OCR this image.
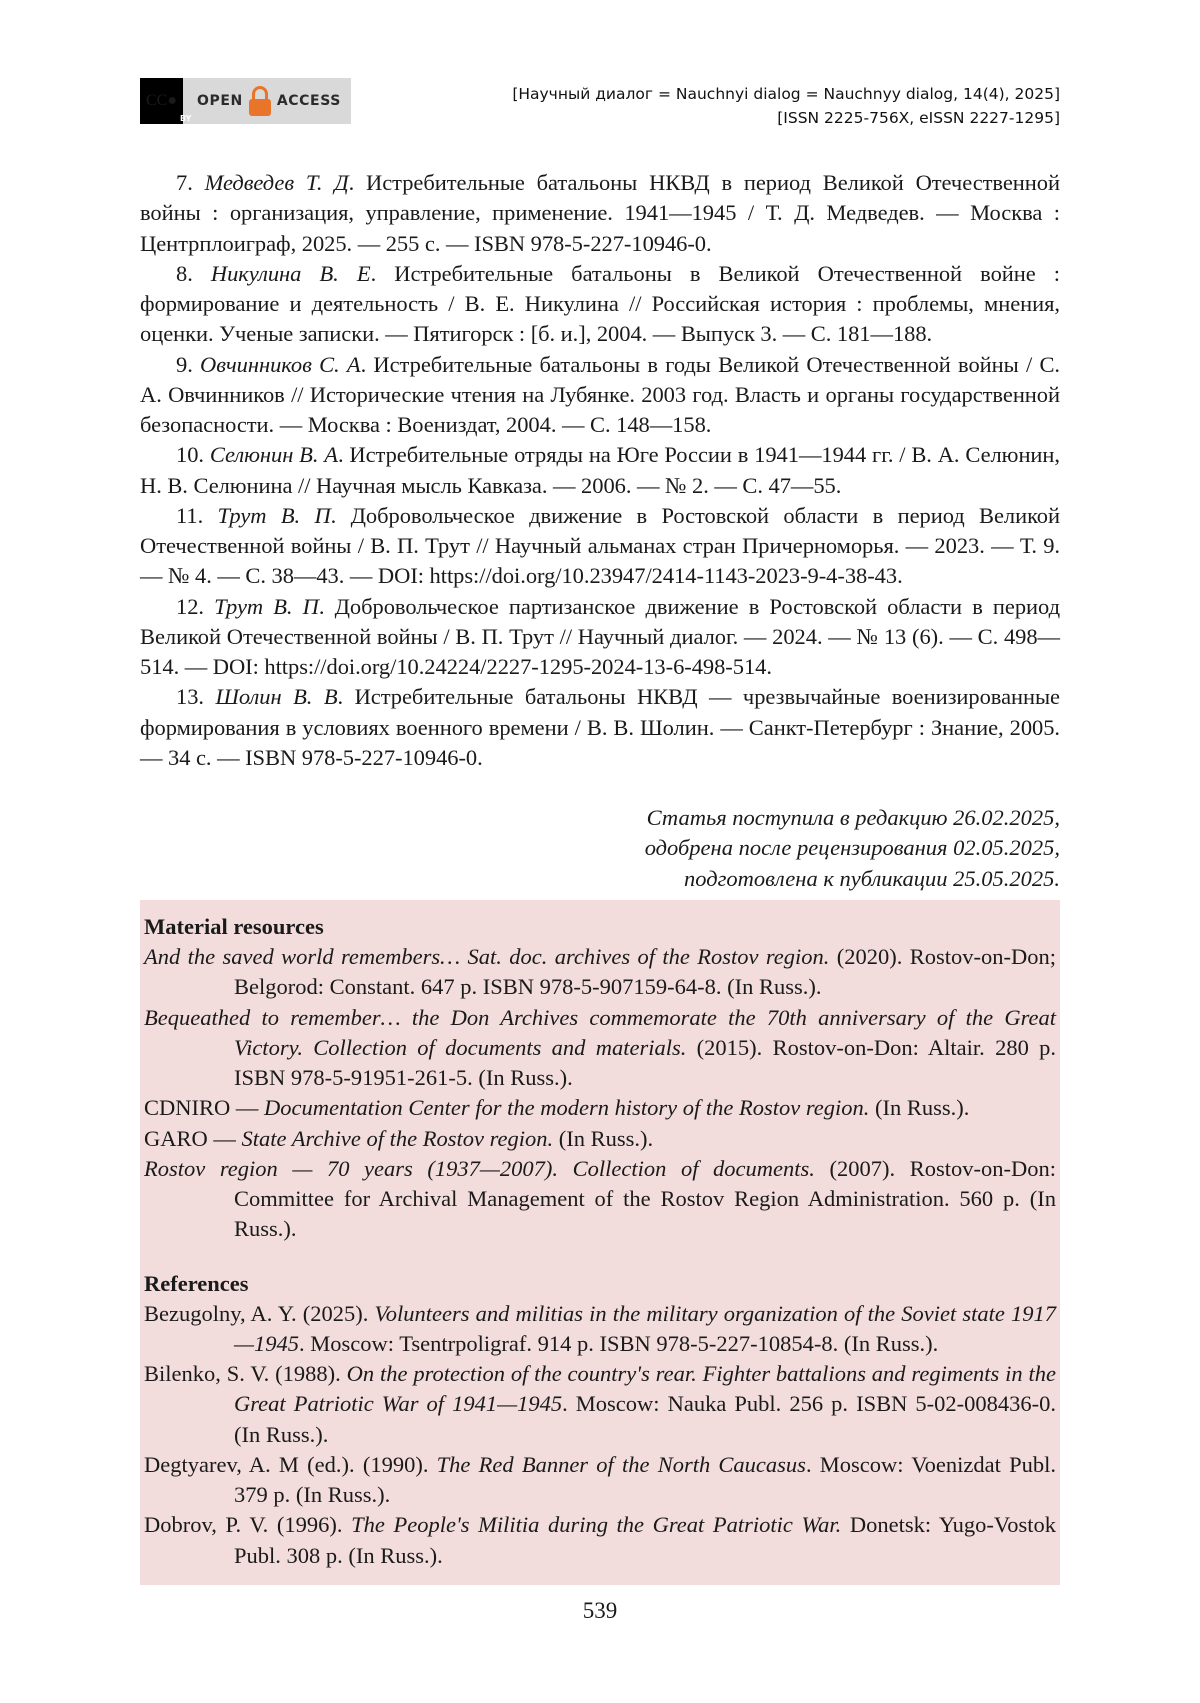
CC ●
BY
OPEN ACCESS	[Научный диалог = Nauchnyi dialog = Nauchnyy dialog, 14(4), 2025]
[ISSN 2225-756X, eISSN 2227-1295]

7. Медведев Т. Д. Истребительные батальоны НКВД в период Великой Отечественной войны : организация, управление, применение. 1941—1945 / Т. Д. Медведев. — Москва : Центрплоиграф, 2025. — 255 с. — ISBN 978-5-227-10946-0.

8. Никулина В. Е. Истребительные батальоны в Великой Отечественной войне : формирование и деятельность / В. Е. Никулина // Российская история : проблемы, мнения, оценки. Ученые записки. — Пятигорск : [б. и.], 2004. — Выпуск 3. — С. 181—188.

9. Овчинников С. А. Истребительные батальоны в годы Великой Отечественной войны / С. А. Овчинников // Исторические чтения на Лубянке. 2003 год. Власть и органы государственной безопасности. — Москва : Воениздат, 2004. — С. 148—158.

10. Селюнин В. А. Истребительные отряды на Юге России в 1941—1944 гг. / В. А. Селюнин, Н. В. Селюнина // Научная мысль Кавказа. — 2006. — № 2. — С. 47—55.

11. Трут В. П. Добровольческое движение в Ростовской области в период Великой Отечественной войны / В. П. Трут // Научный альманах стран Причерноморья. — 2023. — Т. 9. — № 4. — С. 38—43. — DOI: https://doi.org/10.23947/2414-1143-2023-9-4-38-43.

12. Трут В. П. Добровольческое партизанское движение в Ростовской области в период Великой Отечественной войны / В. П. Трут // Научный диалог. — 2024. — № 13 (6). — С. 498—514. — DOI: https://doi.org/10.24224/2227-1295-2024-13-6-498-514.

13. Шолин В. В. Истребительные батальоны НКВД — чрезвычайные военизированные формирования в условиях военного времени / В. В. Шолин. — Санкт-Петербург : Знание, 2005. — 34 с. — ISBN 978-5-227-10946-0.

Статья поступила в редакцию 26.02.2025,
одобрена после рецензирования 02.05.2025,
подготовлена к публикации 25.05.2025.
Material resources

And the saved world remembers… Sat. doc. archives of the Rostov region. (2020). Rostov-on-Don; Belgorod: Constant. 647 p. ISBN 978-5-907159-64-8. (In Russ.).

Bequeathed to remember… the Don Archives commemorate the 70th anniversary of the Great Victory. Collection of documents and materials. (2015). Rostov-on-Don: Altair. 280 p. ISBN 978-5-91951-261-5. (In Russ.).

CDNIRO — Documentation Center for the modern history of the Rostov region. (In Russ.).

GARO — State Archive of the Rostov region. (In Russ.).

Rostov region — 70 years (1937—2007). Collection of documents. (2007). Rostov-on-Don: Committee for Archival Management of the Rostov Region Administration. 560 p. (In Russ.).

References

Bezugolny, A. Y. (2025). Volunteers and militias in the military organization of the Soviet state 1917—1945. Moscow: Tsentrpoligraf. 914 p. ISBN 978-5-227-10854-8. (In Russ.).

Bilenko, S. V. (1988). On the protection of the country's rear. Fighter battalions and regiments in the Great Patriotic War of 1941—1945. Moscow: Nauka Publ. 256 p. ISBN 5-02-008436-0. (In Russ.).

Degtyarev, A. M (ed.). (1990). The Red Banner of the North Caucasus. Moscow: Voenizdat Publ. 379 p. (In Russ.).

Dobrov, P. V. (1996). The People's Militia during the Great Patriotic War. Donetsk: Yugo-Vostok Publ. 308 p. (In Russ.).

539
